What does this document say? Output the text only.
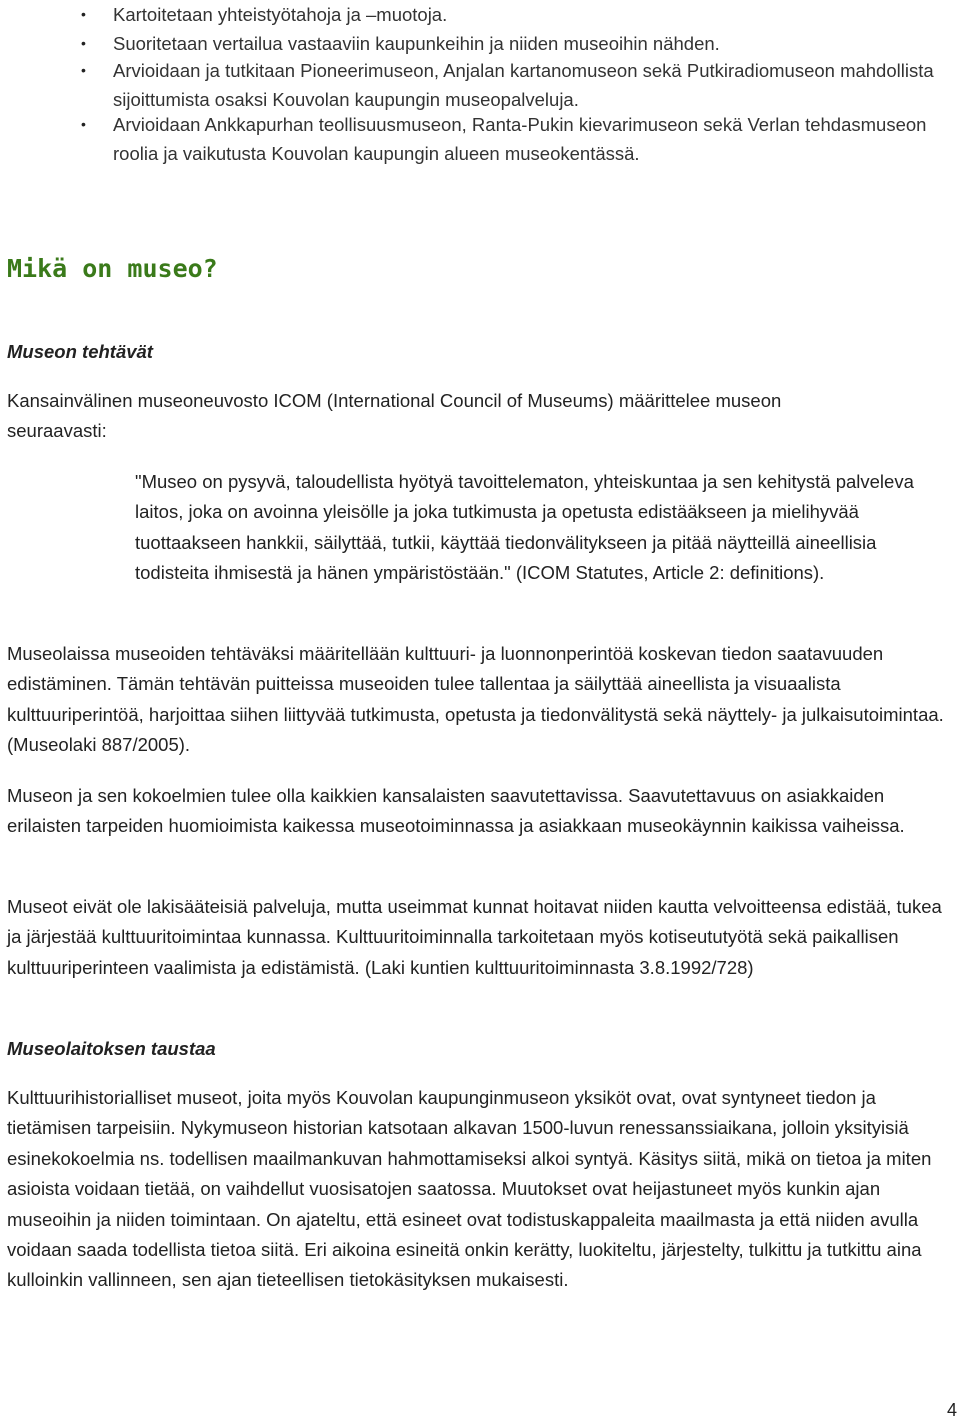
• Kartoitetaan yhteistyötahoja ja –muotoja.
• Suoritetaan vertailua vastaaviin kaupunkeihin ja niiden museoihin nähden.
• Arvioidaan ja tutkitaan Pioneerimuseon, Anjalan kartanomuseon sekä Putkiradiomuseon mahdollista sijoittumista osaksi Kouvolan kaupungin museopalveluja.
• Arvioidaan Ankkapurhan teollisuusmuseon, Ranta-Pukin kievarimuseon sekä Verlan tehdasmuseon roolia ja vaikutusta Kouvolan kaupungin alueen museokentässä.
Mikä on museo?
Museon tehtävät

Kansainvälinen museoneuvosto ICOM (International Council of Museums) määrittelee museon seuraavasti:

"Museo on pysyvä, taloudellista hyötyä tavoittelematon, yhteiskuntaa ja sen kehitystä palveleva laitos, joka on avoinna yleisölle ja joka tutkimusta ja opetusta edistääkseen ja mielihyvää tuottaakseen hankkii, säilyttää, tutkii, käyttää tiedonvälitykseen ja pitää näytteillä aineellisia todisteita ihmisestä ja hänen ympäristöstään." (ICOM Statutes, Article 2: definitions).

Museolaissa museoiden tehtäväksi määritellään kulttuuri- ja luonnonperintöä koskevan tiedon saatavuuden edistäminen. Tämän tehtävän puitteissa museoiden tulee tallentaa ja säilyttää aineellista ja visuaalista kulttuuriperintöä, harjoittaa siihen liittyvää tutkimusta, opetusta ja tiedonvälitystä sekä näyttely- ja julkaisutoimintaa. (Museolaki 887/2005).

Museon ja sen kokoelmien tulee olla kaikkien kansalaisten saavutettavissa. Saavutettavuus on asiakkaiden erilaisten tarpeiden huomioimista kaikessa museotoiminnassa ja asiakkaan museokäynnin kaikissa vaiheissa.

Museot eivät ole lakisääteisiä palveluja, mutta useimmat kunnat hoitavat niiden kautta velvoitteensa edistää, tukea ja järjestää kulttuuritoimintaa kunnassa. Kulttuuritoiminnalla tarkoitetaan myös kotiseututyötä sekä paikallisen kulttuuriperinteen vaalimista ja edistämistä. (Laki kuntien kulttuuritoiminnasta 3.8.1992/728)

Museolaitoksen taustaa

Kulttuurihistorialliset museot, joita myös Kouvolan kaupunginmuseon yksiköt ovat, ovat syntyneet tiedon ja tietämisen tarpeisiin. Nykymuseon historian katsotaan alkavan 1500-luvun renessanssiaikana, jolloin yksityisiä esinekokoelmia ns. todellisen maailmankuvan hahmottamiseksi alkoi syntyä. Käsitys siitä, mikä on tietoa ja miten asioista voidaan tietää, on vaihdellut vuosisatojen saatossa. Muutokset ovat heijastuneet myös kunkin ajan museoihin ja niiden toimintaan. On ajateltu, että esineet ovat todistuskappaleita maailmasta ja että niiden avulla voidaan saada todellista tietoa siitä. Eri aikoina esineitä onkin kerätty, luokiteltu, järjestelty, tulkittu ja tutkittu aina kulloinkin vallinneen, sen ajan tieteellisen tietokäsityksen mukaisesti.

4
